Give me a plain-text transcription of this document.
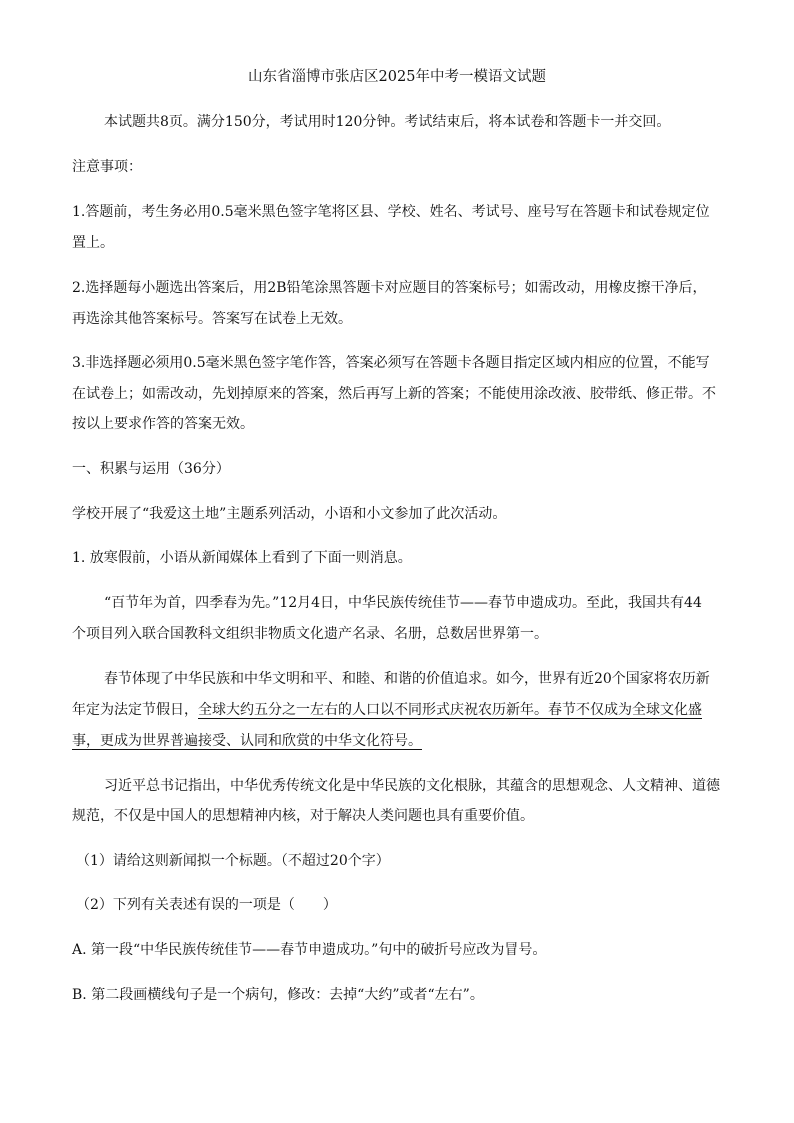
山东省淄博市张店区2025年中考一模语文试题
本试题共8页。满分150分，考试用时120分钟。考试结束后，将本试卷和答题卡一并交回。
注意事项：
1.答题前，考生务必用0.5毫米黑色签字笔将区县、学校、姓名、考试号、座号写在答题卡和试卷规定位
置上。
2.选择题每小题选出答案后，用2B铅笔涂黑答题卡对应题目的答案标号；如需改动，用橡皮擦干净后，
再选涂其他答案标号。答案写在试卷上无效。
3.非选择题必须用0.5毫米黑色签字笔作答，答案必须写在答题卡各题目指定区域内相应的位置，不能写
在试卷上；如需改动，先划掉原来的答案，然后再写上新的答案；不能使用涂改液、胶带纸、修正带。不
按以上要求作答的答案无效。
一、积累与运用（36分）
学校开展了“我爱这土地”主题系列活动，小语和小文参加了此次活动。
1. 放寒假前，小语从新闻媒体上看到了下面一则消息。
“百节年为首，四季春为先。”12月4日，中华民族传统佳节——春节申遗成功。至此，我国共有44
个项目列入联合国教科文组织非物质文化遗产名录、名册，总数居世界第一。
春节体现了中华民族和中华文明和平、和睦、和谐的价值追求。如今，世界有近20个国家将农历新
年定为法定节假日，全球大约五分之一左右的人口以不同形式庆祝农历新年。春节不仅成为全球文化盛
事，更成为世界普遍接受、认同和欣赏的中华文化符号。
习近平总书记指出，中华优秀传统文化是中华民族的文化根脉，其蕴含的思想观念、人文精神、道德
规范，不仅是中国人的思想精神内核，对于解决人类问题也具有重要价值。
（1）请给这则新闻拟一个标题。（不超过20个字）
（2）下列有关表述有误的一项是（　　）
A. 第一段“中华民族传统佳节——春节申遗成功。”句中的破折号应改为冒号。
B. 第二段画横线句子是一个病句，修改：去掉“大约”或者“左右”。
